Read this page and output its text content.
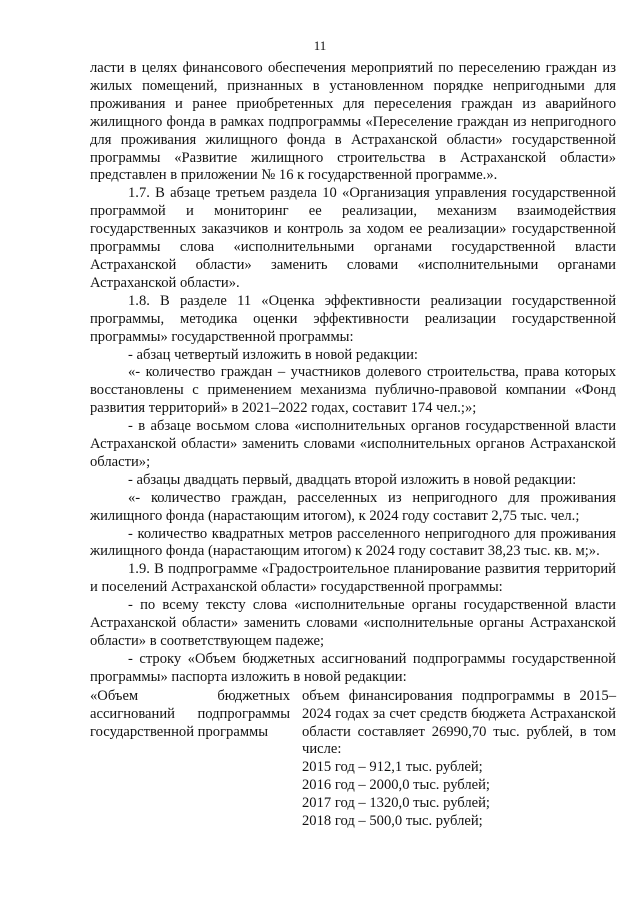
11

ласти в целях финансового обеспечения мероприятий по переселению граждан из жилых помещений, признанных в установленном порядке непригодными для проживания и ранее приобретенных для переселения граждан из аварийного жилищного фонда в рамках подпрограммы «Переселение граждан из непригодного для проживания жилищного фонда в Астраханской области» государственной программы «Развитие жилищного строительства в Астраханской области» представлен в приложении № 16 к государственной программе.».

1.7. В абзаце третьем раздела 10 «Организация управления государственной программой и мониторинг ее реализации, механизм взаимодействия государственных заказчиков и контроль за ходом ее реализации» государственной программы слова «исполнительными органами государственной власти Астраханской области» заменить словами «исполнительными органами Астраханской области».

1.8. В разделе 11 «Оценка эффективности реализации государственной программы, методика оценки эффективности реализации государственной программы» государственной программы:

- абзац четвертый изложить в новой редакции:

«- количество граждан – участников долевого строительства, права которых восстановлены с применением механизма публично-правовой компании «Фонд развития территорий» в 2021–2022 годах, составит 174 чел.;»;

- в абзаце восьмом слова «исполнительных органов государственной власти Астраханской области» заменить словами «исполнительных органов Астраханской области»;

- абзацы двадцать первый, двадцать второй изложить в новой редакции:

«- количество граждан, расселенных из непригодного для проживания жилищного фонда (нарастающим итогом), к 2024 году составит 2,75 тыс. чел.;

- количество квадратных метров расселенного непригодного для проживания жилищного фонда (нарастающим итогом) к 2024 году составит 38,23 тыс. кв. м;».

1.9. В подпрограмме «Градостроительное планирование развития территорий и поселений Астраханской области» государственной программы:

- по всему тексту слова «исполнительные органы государственной власти Астраханской области» заменить словами «исполнительные органы Астраханской области» в соответствующем падеже;

- строку «Объем бюджетных ассигнований подпрограммы государственной программы» паспорта изложить в новой редакции:

«Объем бюджетных ассигнований подпрограммы государственной программы

объем финансирования подпрограммы в 2015–2024 годах за счет средств бюджета Астраханской области составляет 26990,70 тыс. рублей, в том числе:

2015 год – 912,1 тыс. рублей;

2016 год – 2000,0 тыс. рублей;

2017 год – 1320,0 тыс. рублей;

2018 год – 500,0 тыс. рублей;
